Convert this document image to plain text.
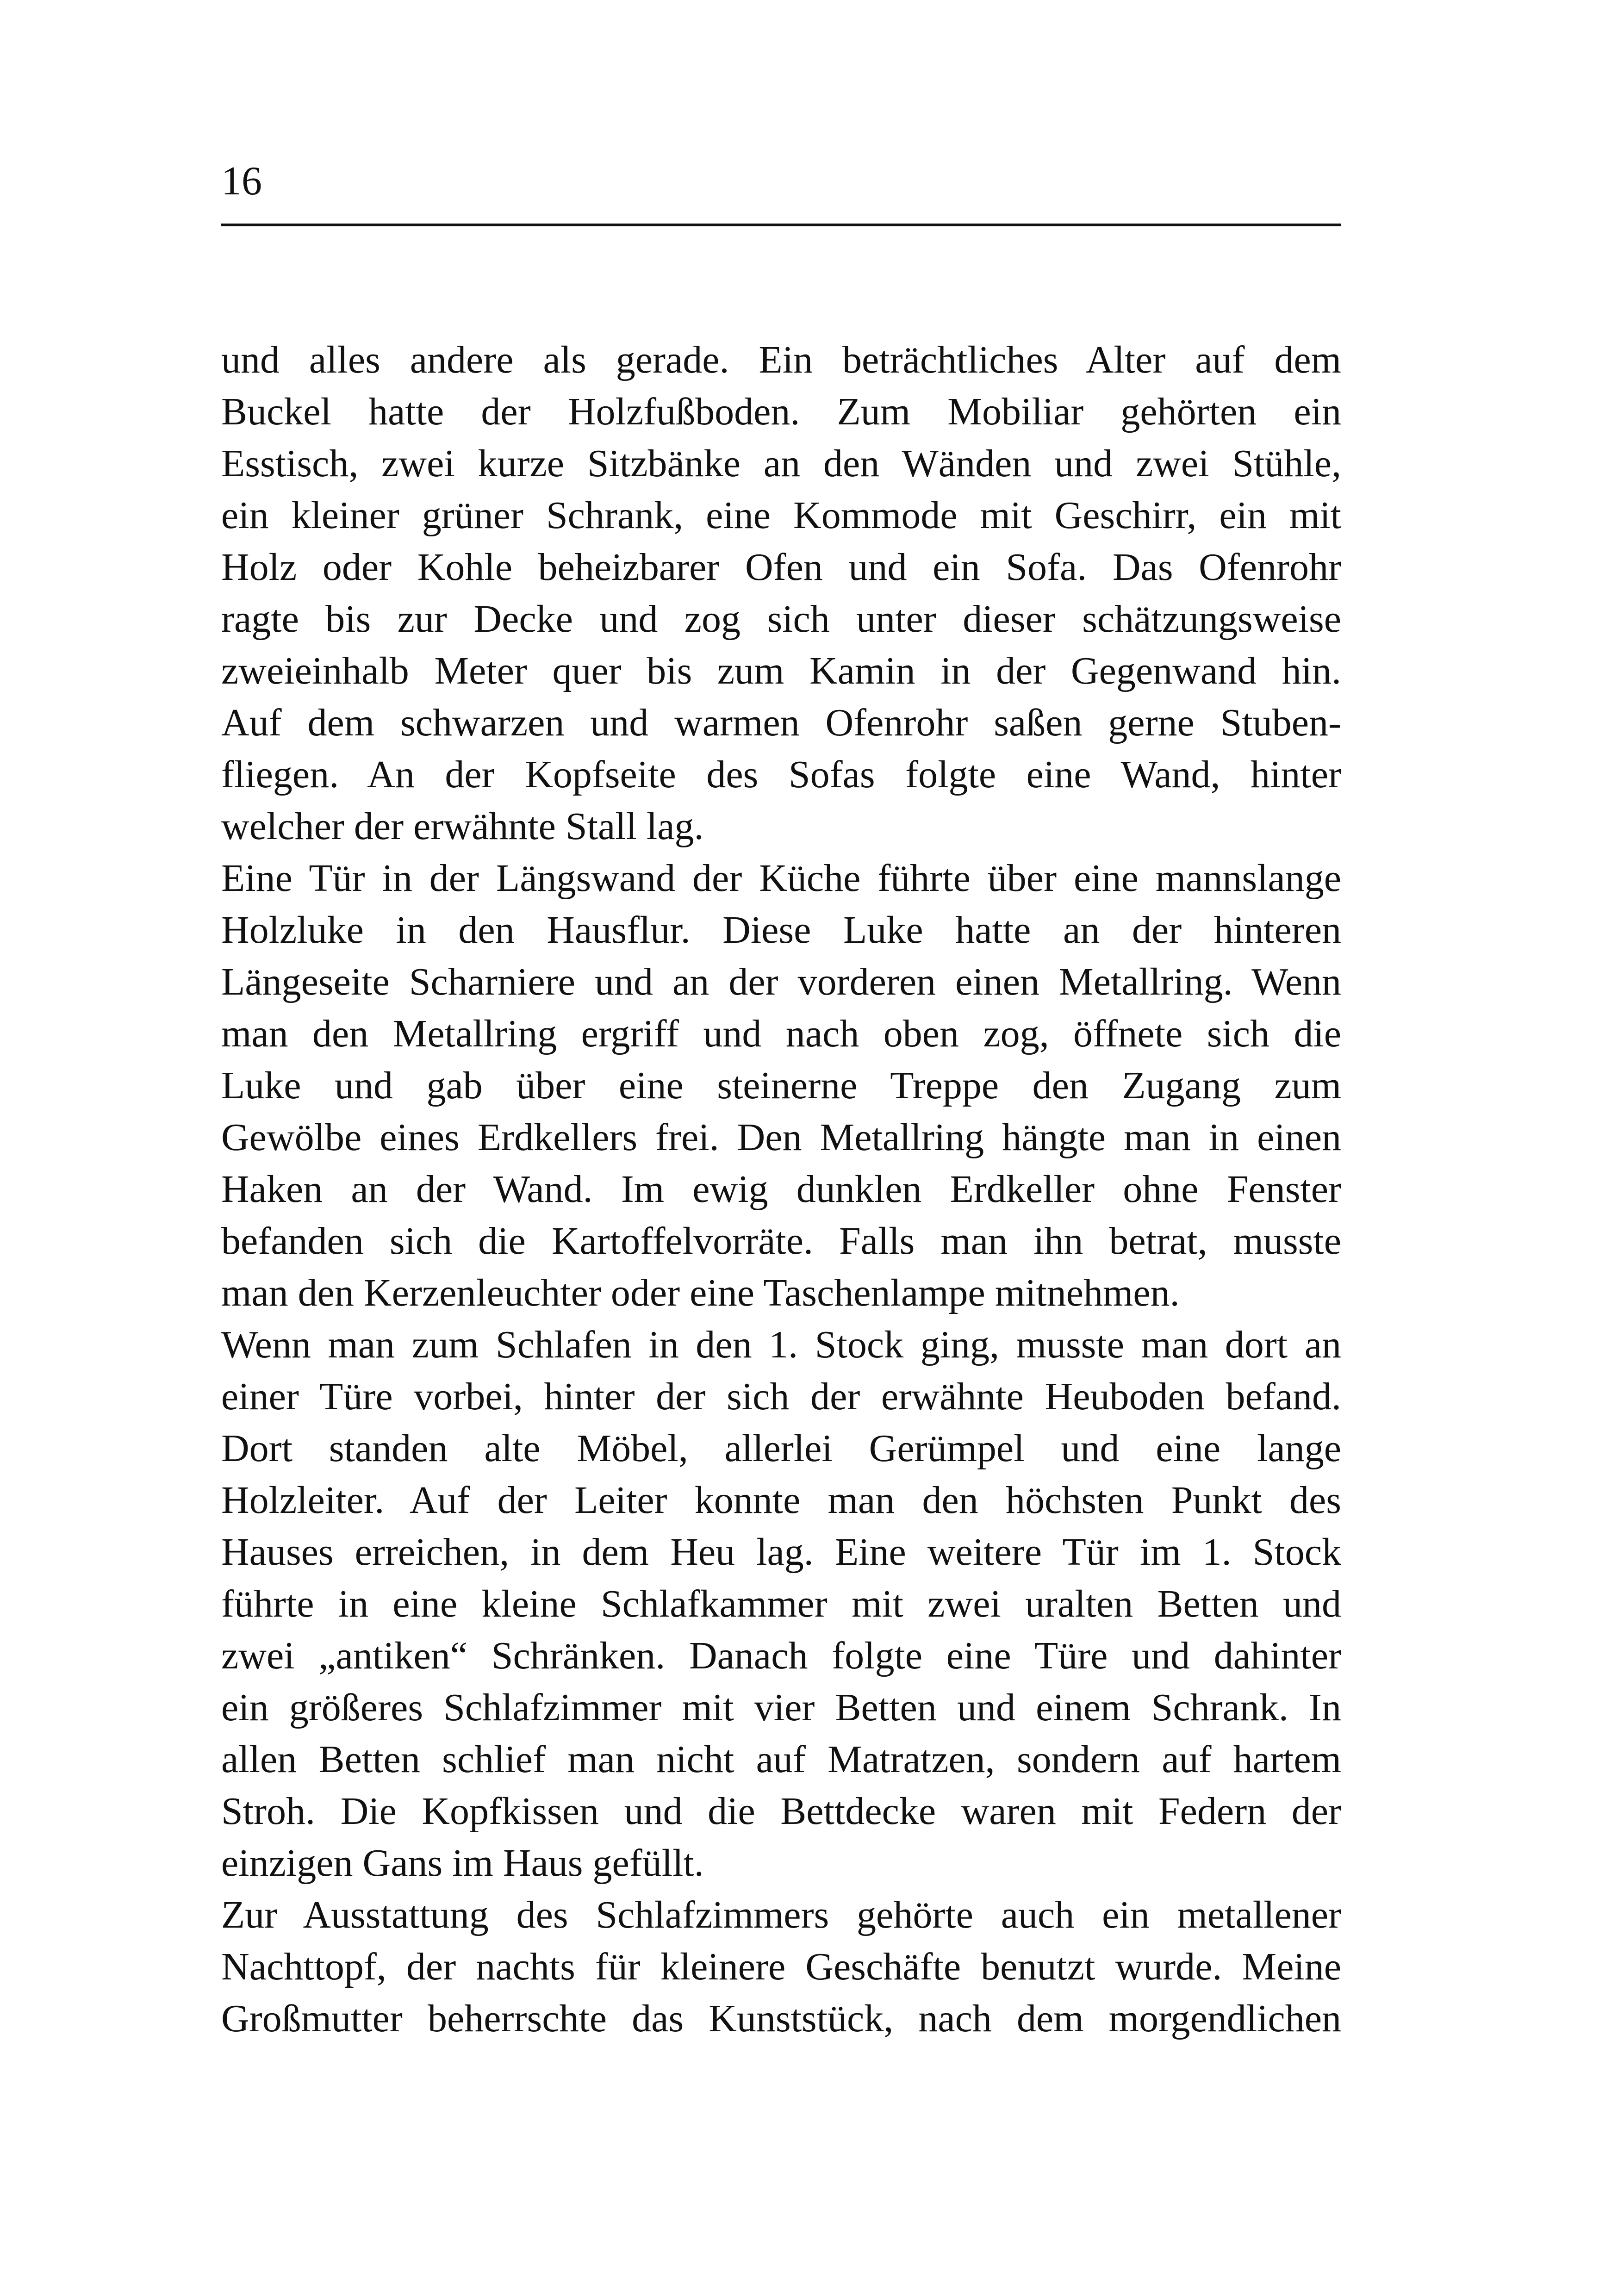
16
und alles andere als gerade. Ein beträchtliches Alter auf dem
Buckel hatte der Holzfußboden. Zum Mobiliar gehörten ein
Esstisch, zwei kurze Sitzbänke an den Wänden und zwei Stühle,
ein kleiner grüner Schrank, eine Kommode mit Geschirr, ein mit
Holz oder Kohle beheizbarer Ofen und ein Sofa. Das Ofenrohr
ragte bis zur Decke und zog sich unter dieser schätzungsweise
zweieinhalb Meter quer bis zum Kamin in der Gegenwand hin.
Auf dem schwarzen und warmen Ofenrohr saßen gerne Stuben-
fliegen. An der Kopfseite des Sofas folgte eine Wand, hinter
welcher der erwähnte Stall lag.
Eine Tür in der Längswand der Küche führte über eine mannslange
Holzluke in den Hausflur. Diese Luke hatte an der hinteren
Längeseite Scharniere und an der vorderen einen Metallring. Wenn
man den Metallring ergriff und nach oben zog, öffnete sich die
Luke und gab über eine steinerne Treppe den Zugang zum
Gewölbe eines Erdkellers frei. Den Metallring hängte man in einen
Haken an der Wand. Im ewig dunklen Erdkeller ohne Fenster
befanden sich die Kartoffelvorräte. Falls man ihn betrat, musste
man den Kerzenleuchter oder eine Taschenlampe mitnehmen.
Wenn man zum Schlafen in den 1. Stock ging, musste man dort an
einer Türe vorbei, hinter der sich der erwähnte Heuboden befand.
Dort standen alte Möbel, allerlei Gerümpel und eine lange
Holzleiter. Auf der Leiter konnte man den höchsten Punkt des
Hauses erreichen, in dem Heu lag. Eine weitere Tür im 1. Stock
führte in eine kleine Schlafkammer mit zwei uralten Betten und
zwei „antiken“ Schränken. Danach folgte eine Türe und dahinter
ein größeres Schlafzimmer mit vier Betten und einem Schrank. In
allen Betten schlief man nicht auf Matratzen, sondern auf hartem
Stroh. Die Kopfkissen und die Bettdecke waren mit Federn der
einzigen Gans im Haus gefüllt.
Zur Ausstattung des Schlafzimmers gehörte auch ein metallener
Nachttopf, der nachts für kleinere Geschäfte benutzt wurde. Meine
Großmutter beherrschte das Kunststück, nach dem morgendlichen
